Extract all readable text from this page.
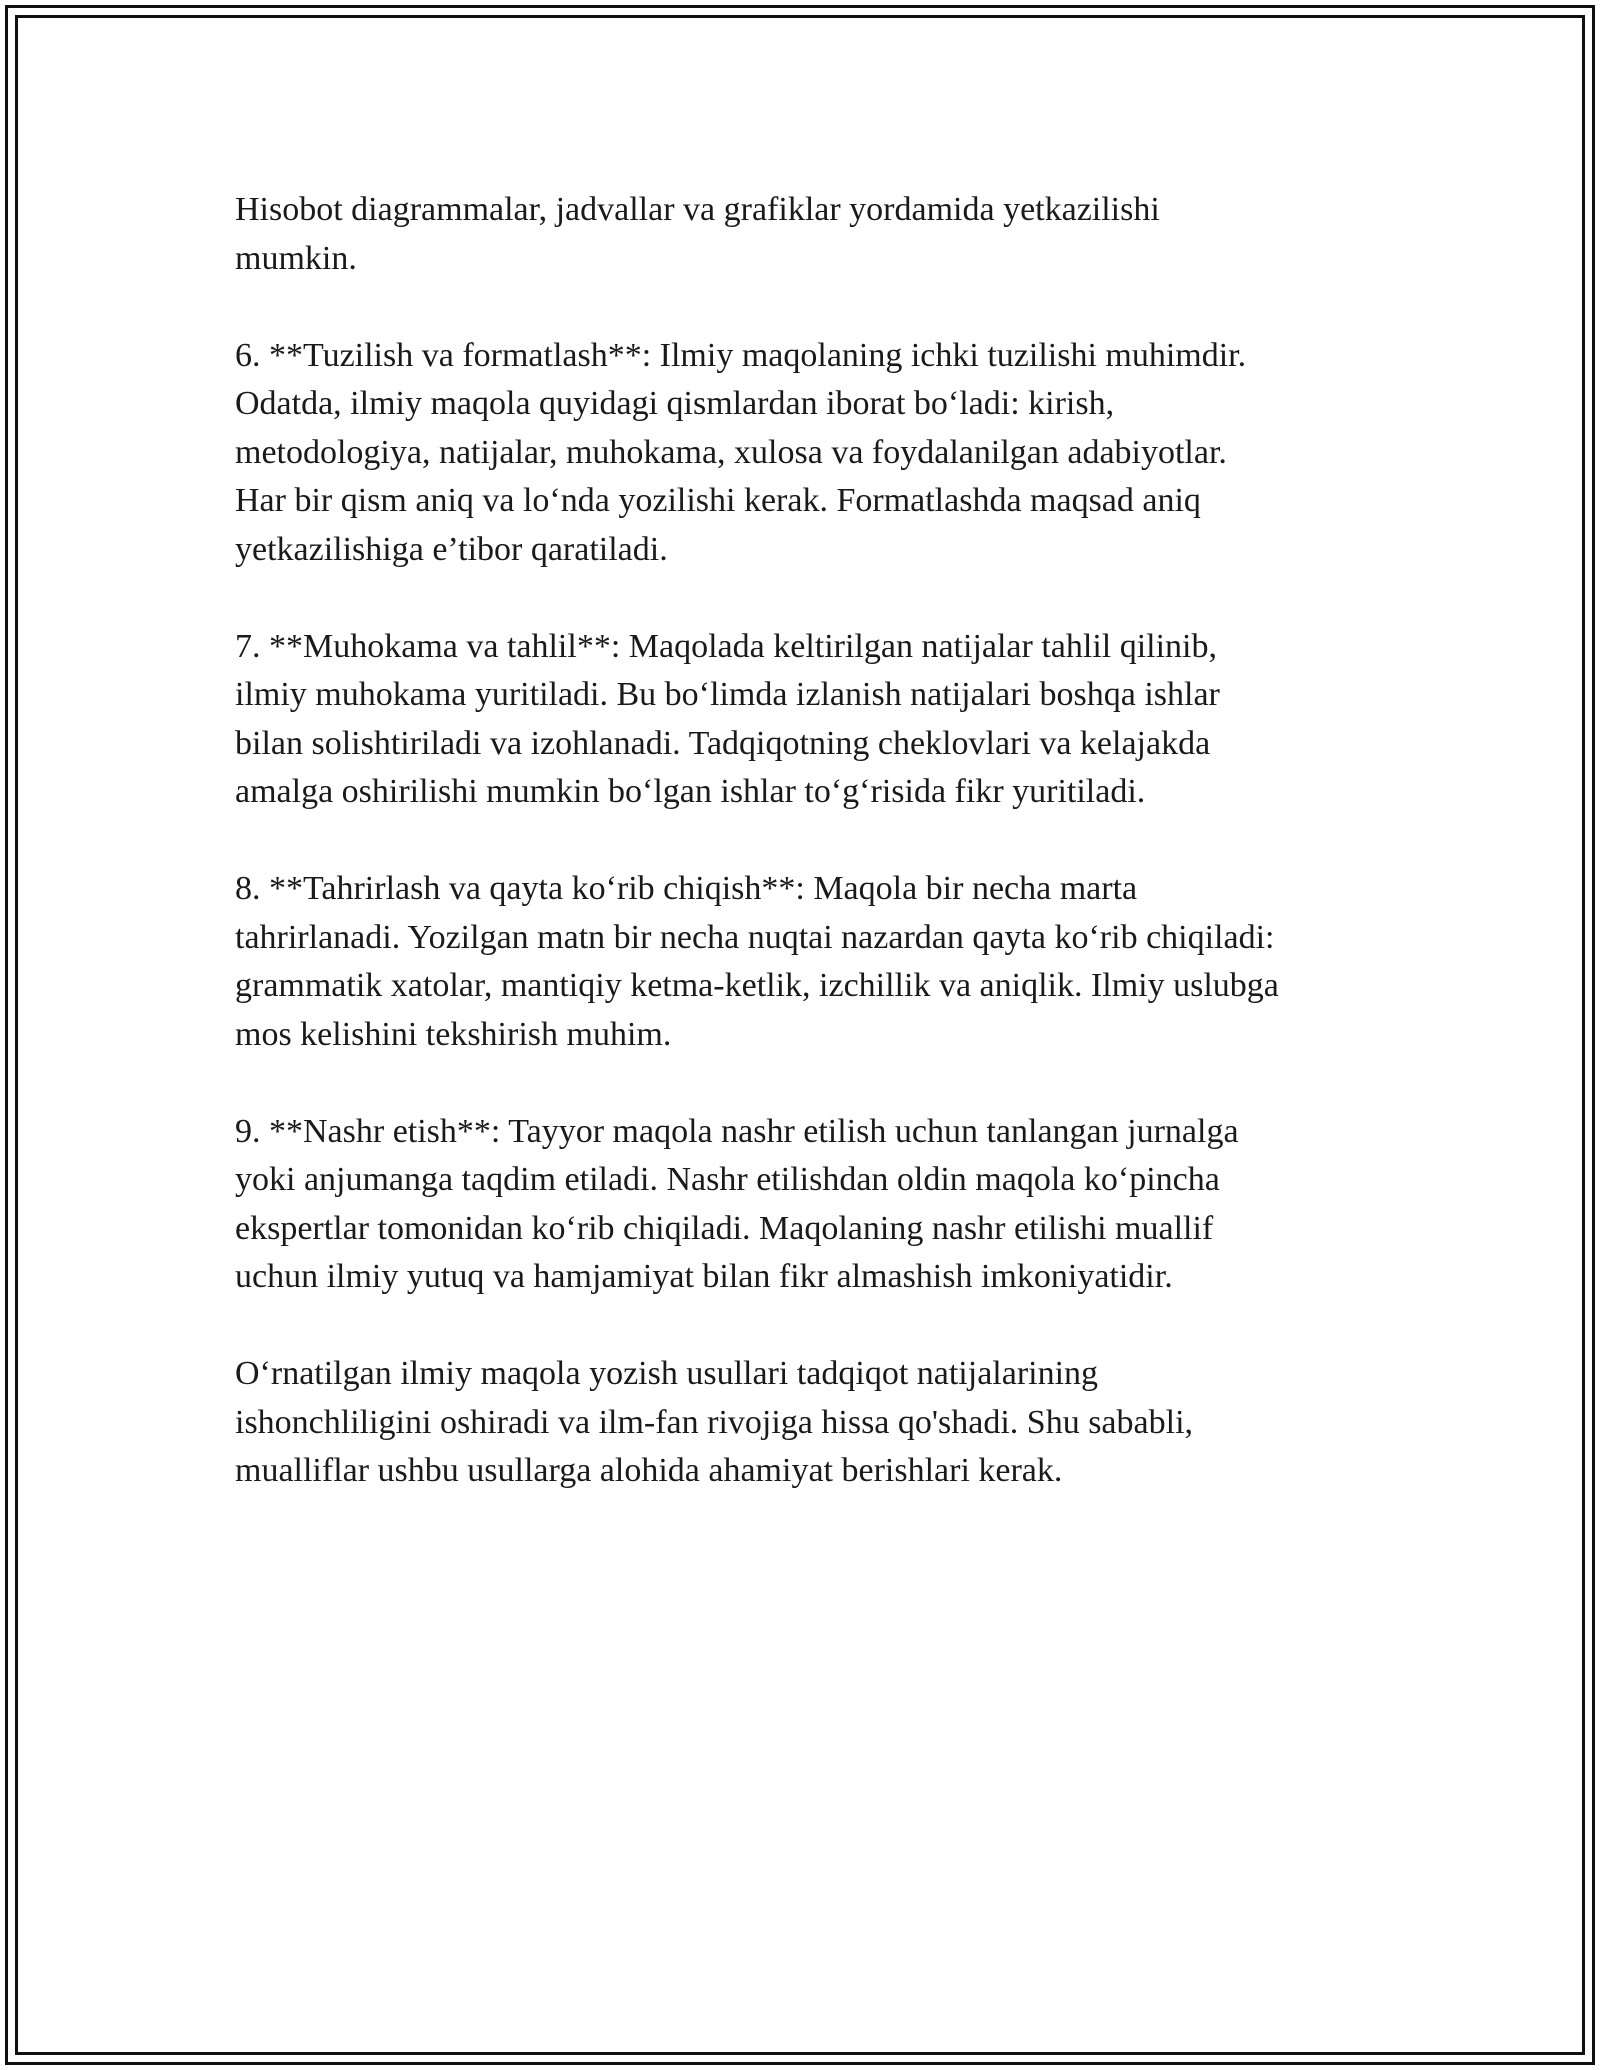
Hisobot diagrammalar, jadvallar va grafiklar yordamida yetkazilishi
mumkin.

6. **Tuzilish va formatlash**: Ilmiy maqolaning ichki tuzilishi muhimdir.
Odatda, ilmiy maqola quyidagi qismlardan iborat boʻladi: kirish,
metodologiya, natijalar, muhokama, xulosa va foydalanilgan adabiyotlar.
Har bir qism aniq va loʻnda yozilishi kerak. Formatlashda maqsad aniq
yetkazilishiga e’tibor qaratiladi.

7. **Muhokama va tahlil**: Maqolada keltirilgan natijalar tahlil qilinib,
ilmiy muhokama yuritiladi. Bu boʻlimda izlanish natijalari boshqa ishlar
bilan solishtiriladi va izohlanadi. Tadqiqotning cheklovlari va kelajakda
amalga oshirilishi mumkin boʻlgan ishlar toʻgʻrisida fikr yuritiladi.

8. **Tahrirlash va qayta koʻrib chiqish**: Maqola bir necha marta
tahrirlanadi. Yozilgan matn bir necha nuqtai nazardan qayta koʻrib chiqiladi:
grammatik xatolar, mantiqiy ketma-ketlik, izchillik va aniqlik. Ilmiy uslubga
mos kelishini tekshirish muhim.

9. **Nashr etish**: Tayyor maqola nashr etilish uchun tanlangan jurnalga
yoki anjumanga taqdim etiladi. Nashr etilishdan oldin maqola koʻpincha
ekspertlar tomonidan koʻrib chiqiladi. Maqolaning nashr etilishi muallif
uchun ilmiy yutuq va hamjamiyat bilan fikr almashish imkoniyatidir.

Oʻrnatilgan ilmiy maqola yozish usullari tadqiqot natijalarining
ishonchliligini oshiradi va ilm-fan rivojiga hissa qo'shadi. Shu sababli,
mualliflar ushbu usullarga alohida ahamiyat berishlari kerak.
